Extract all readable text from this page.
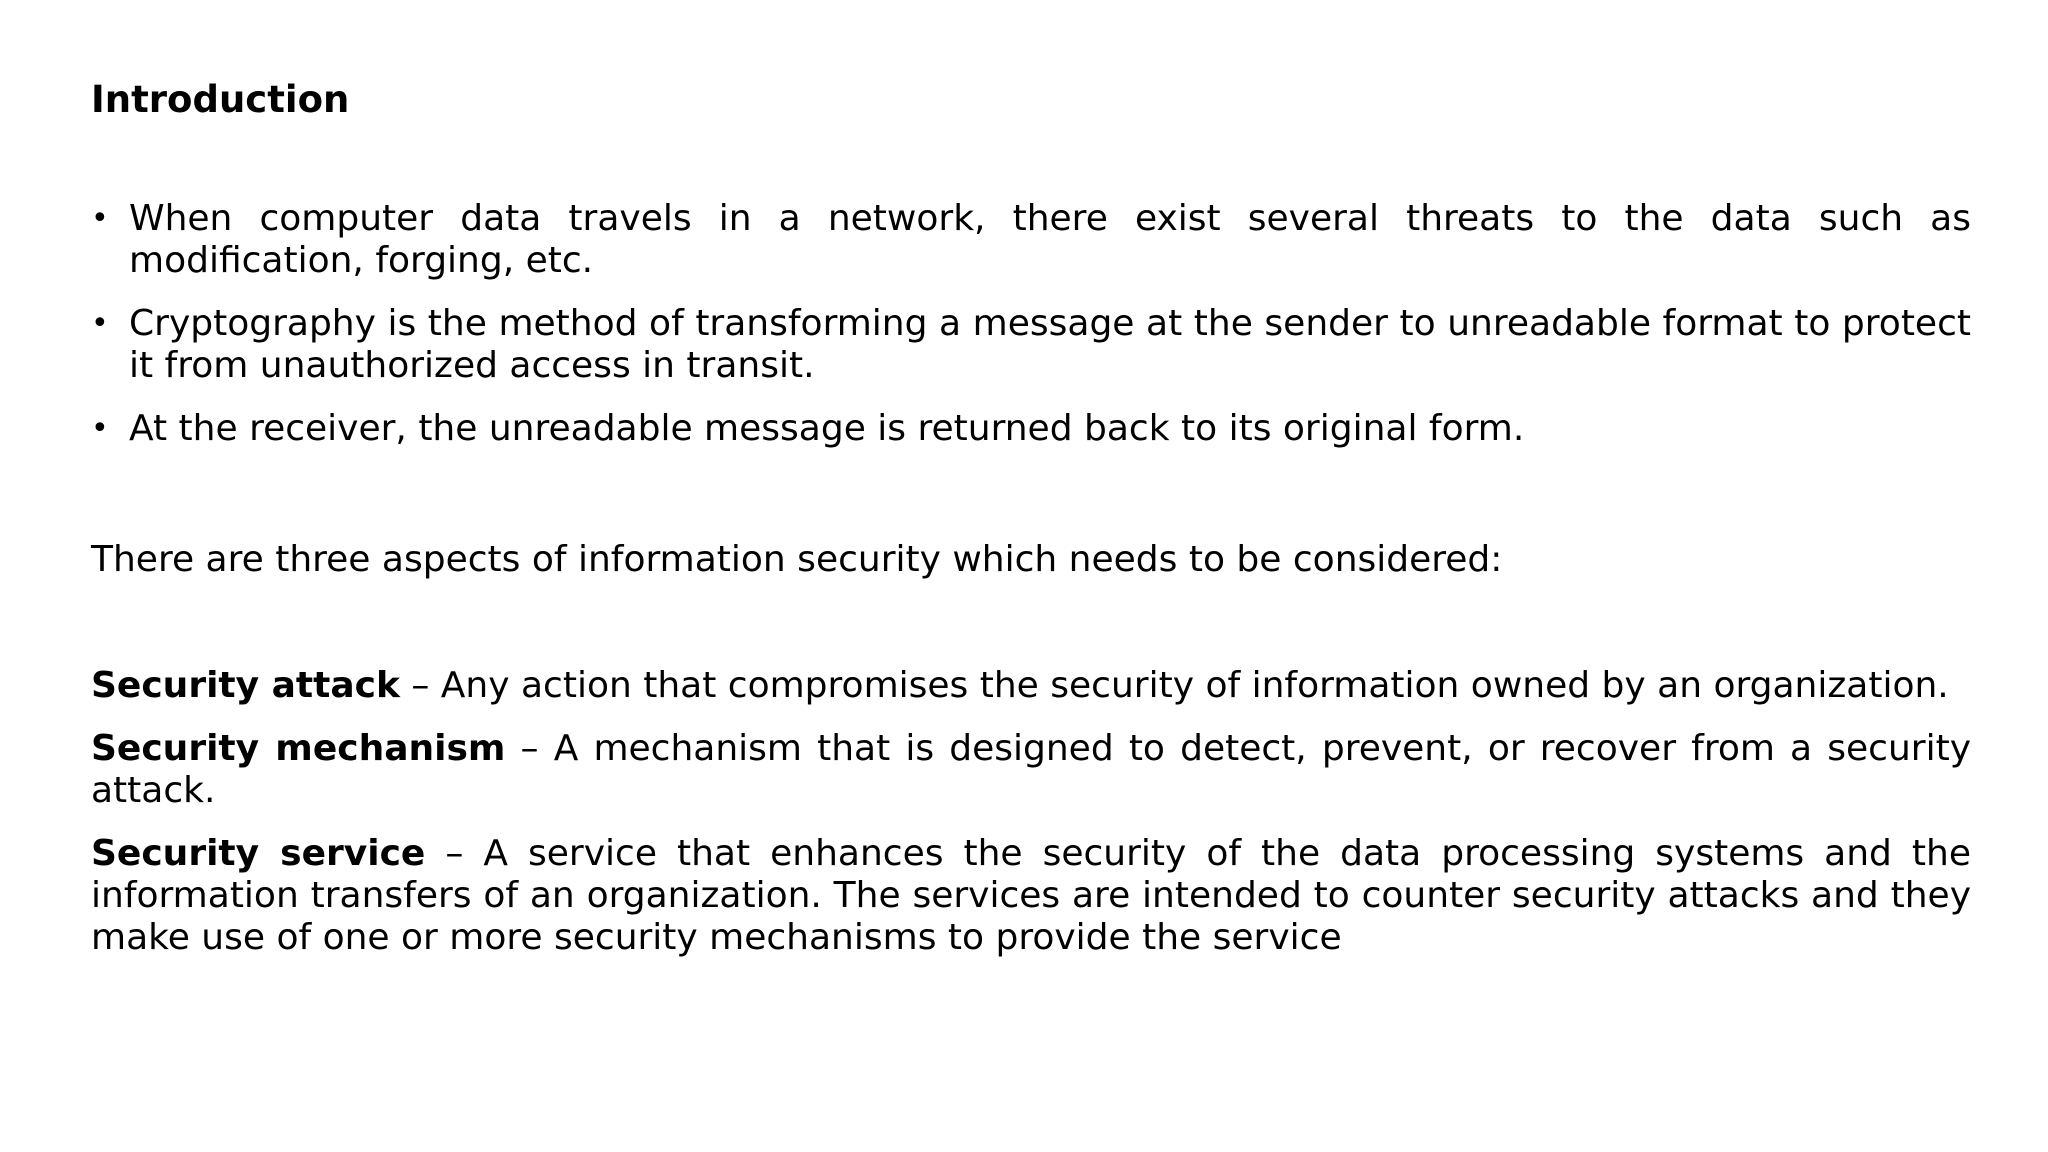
Introduction
• When computer data travels in a network, there exist several threats to the data such as modification, forging, etc.
• Cryptography is the method of transforming a message at the sender to unreadable format to protect it from unauthorized access in transit.
• At the receiver, the unreadable message is returned back to its original form.

There are three aspects of information security which needs to be considered:

Security attack – Any action that compromises the security of information owned by an organization.

Security mechanism – A mechanism that is designed to detect, prevent, or recover from a security attack.

Security service – A service that enhances the security of the data processing systems and the information transfers of an organization. The services are intended to counter security attacks and they make use of one or more security mechanisms to provide the service
